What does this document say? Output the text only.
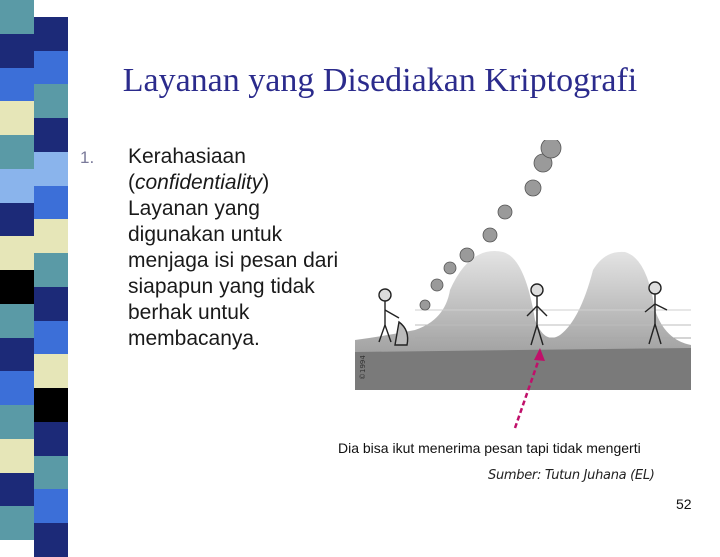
Layanan yang Disediakan Kriptografi
1. Kerahasiaan
(confidentiality)
Layanan yang digunakan untuk menjaga isi pesan dari siapapun yang tidak berhak untuk membacanya.
©1994
Dia bisa ikut menerima pesan tapi tidak mengerti
Sumber: Tutun Juhana (EL)
52
